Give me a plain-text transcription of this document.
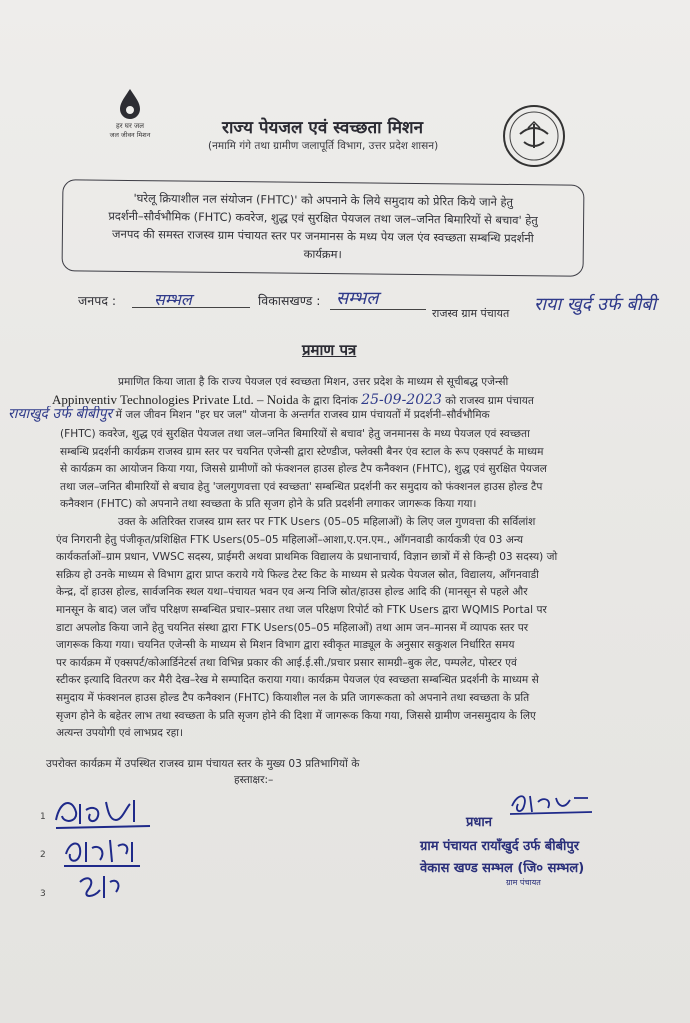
हर घर जल
जल जीवन मिशन	राज्य पेयजल एवं स्वच्छता मिशन
(नमामि गंगे तथा ग्रामीण जलापूर्ति विभाग, उत्तर प्रदेश शासन)
'घरेलू क्रियाशील नल संयोजन (FHTC)' को अपनाने के लिये समुदाय को प्रेरित किये जाने हेतु
प्रदर्शनी–सौर्वभौमिक (FHTC) कवरेज, शुद्ध एवं सुरक्षित पेयजल तथा जल–जनित बिमारियों से बचाव' हेतु
जनपद की समस्त राजस्व ग्राम पंचायत स्तर पर जनमानस के मध्य पेय जल एंव स्वच्छता सम्बन्धि प्रदर्शनी
कार्यक्रम।
जनपद : सम्भल	विकासखण्ड : सम्भल
राजस्व ग्राम पंचायत राया खुर्द उर्फ बीबी
प्रमाण पत्र
प्रमाणित किया जाता है कि राज्य पेयजल एवं स्वच्छता मिशन, उत्तर प्रदेश के माध्यम से सूचीबद्ध एजेन्सी
Appinventiv Technologies Private Ltd. – Noida के द्वारा दिनांक 25-09-2023 को राजस्व ग्राम पंचायत
रायाखुर्द उर्फ बीबीपुर में जल जीवन मिशन "हर घर जल" योजना के अन्तर्गत राजस्व ग्राम पंचायतों में प्रदर्शनी–सौर्वभौमिक
(FHTC) कवरेज, शुद्ध एवं सुरक्षित पेयजल तथा जल–जनित बिमारियों से बचाव' हेतु जनमानस के मध्य पेयजल एवं स्वच्छता
सम्बन्धि प्रदर्शनी कार्यक्रम राजस्व ग्राम स्तर पर चयनित एजेन्सी द्वारा स्टेण्डीज, फ्लेक्सी बैनर एंव स्टाल के रूप एक्सपर्ट के माध्यम
से कार्यक्रम का आयोजन किया गया, जिससे ग्रामीणों को फंक्शनल हाउस होल्ड टैप कनैक्शन (FHTC), शुद्ध एवं सुरक्षित पेयजल
तथा जल–जनित बीमारियों से बचाव हेतु 'जलगुणवत्ता एवं स्वच्छता' सम्बन्धित प्रदर्शनी कर समुदाय को फंक्शनल हाउस होल्ड टैप
कनैक्शन (FHTC) को अपनाने तथा स्वच्छता के प्रति सृजग होने के प्रति प्रदर्शनी लगाकर जागरूक किया गया।
उक्त के अतिरिक्त राजस्व ग्राम स्तर पर FTK Users (05–05 महिलाओं) के लिए जल गुणवत्ता की सर्विलांश
एंव निगरानी हेतु पंजीकृत/प्रशिक्षित FTK Users(05–05 महिलाओं–आशा,ए.एन.एम., आँगनवाडी कार्यकत्री एंव 03 अन्य
कार्यकर्ताओं–ग्राम प्रधान, VWSC सदस्य, प्राईमरी अथवा प्राथमिक विद्यालय के प्रधानाचार्य, विज्ञान छात्रों में से किन्ही 03 सदस्य) जो
सक्रिय हो उनके माध्यम से विभाग द्वारा प्राप्त कराये गये फिल्ड टेस्ट किट के माध्यम से प्रत्येक पेयजल स्रोत, विद्यालय, आँगनवाडी
केन्द्र, दों हाउस होल्ड, सार्वजनिक स्थल यथा–पंचायत भवन एव अन्य निजि स्रोत/हाउस होल्ड आदि की (मानसून से पहले और
मानसून के बाद) जल जाँच परिक्षण सम्बन्धित प्रचार–प्रसार तथा जल परिक्षण रिपोर्ट को FTK Users द्वारा WQMIS Portal पर
डाटा अपलोड किया जाने हेतु चयनित संस्था द्वारा FTK Users(05–05 महिलाओं) तथा आम जन–मानस में व्यापक स्तर पर
जागरूक किया गया। चयनित एजेन्सी के माध्यम से मिशन विभाग द्वारा स्वीकृत माड्यूल के अनुसार सकुशल निर्धारित समय
पर कार्यक्रम में एक्सपर्ट/कोआर्डिनेटर्स तथा विभिन्न प्रकार की आई.ई.सी./प्रचार प्रसार सामग्री–बुक लेट, पम्पलेट, पोस्टर एवं
स्टीकर इत्यादि वितरण कर मैरी देख–रेख मे सम्पादित कराया गया। कार्यक्रम पेयजल एंव स्वच्छता सम्बन्धित प्रदर्शनी के माध्यम से
समुदाय में फंक्शनल हाउस होल्ड टैप कनैक्शन (FHTC) कियाशील नल के प्रति जागरूकता को अपनाने तथा स्वच्छता के प्रति
सृजग होने के बहेतर लाभ तथा स्वच्छता के प्रति सृजग होने की दिशा में जागरूक किया गया, जिससे ग्रामीण जनसमुदाय के लिए
अत्यन्त उपयोगी एवं लाभप्रद रहा।
उपरोक्त कार्यक्रम में उपस्थित राजस्व ग्राम पंचायत स्तर के मुख्य 03 प्रतिभागियों के
हस्ताक्षर:–
1
2
3
प्रधान
ग्राम पंचायत रायाँखुर्द उर्फ बीबीपुर
वेकास खण्ड सम्भल (जि० सम्भल)
ग्राम पंचायत
